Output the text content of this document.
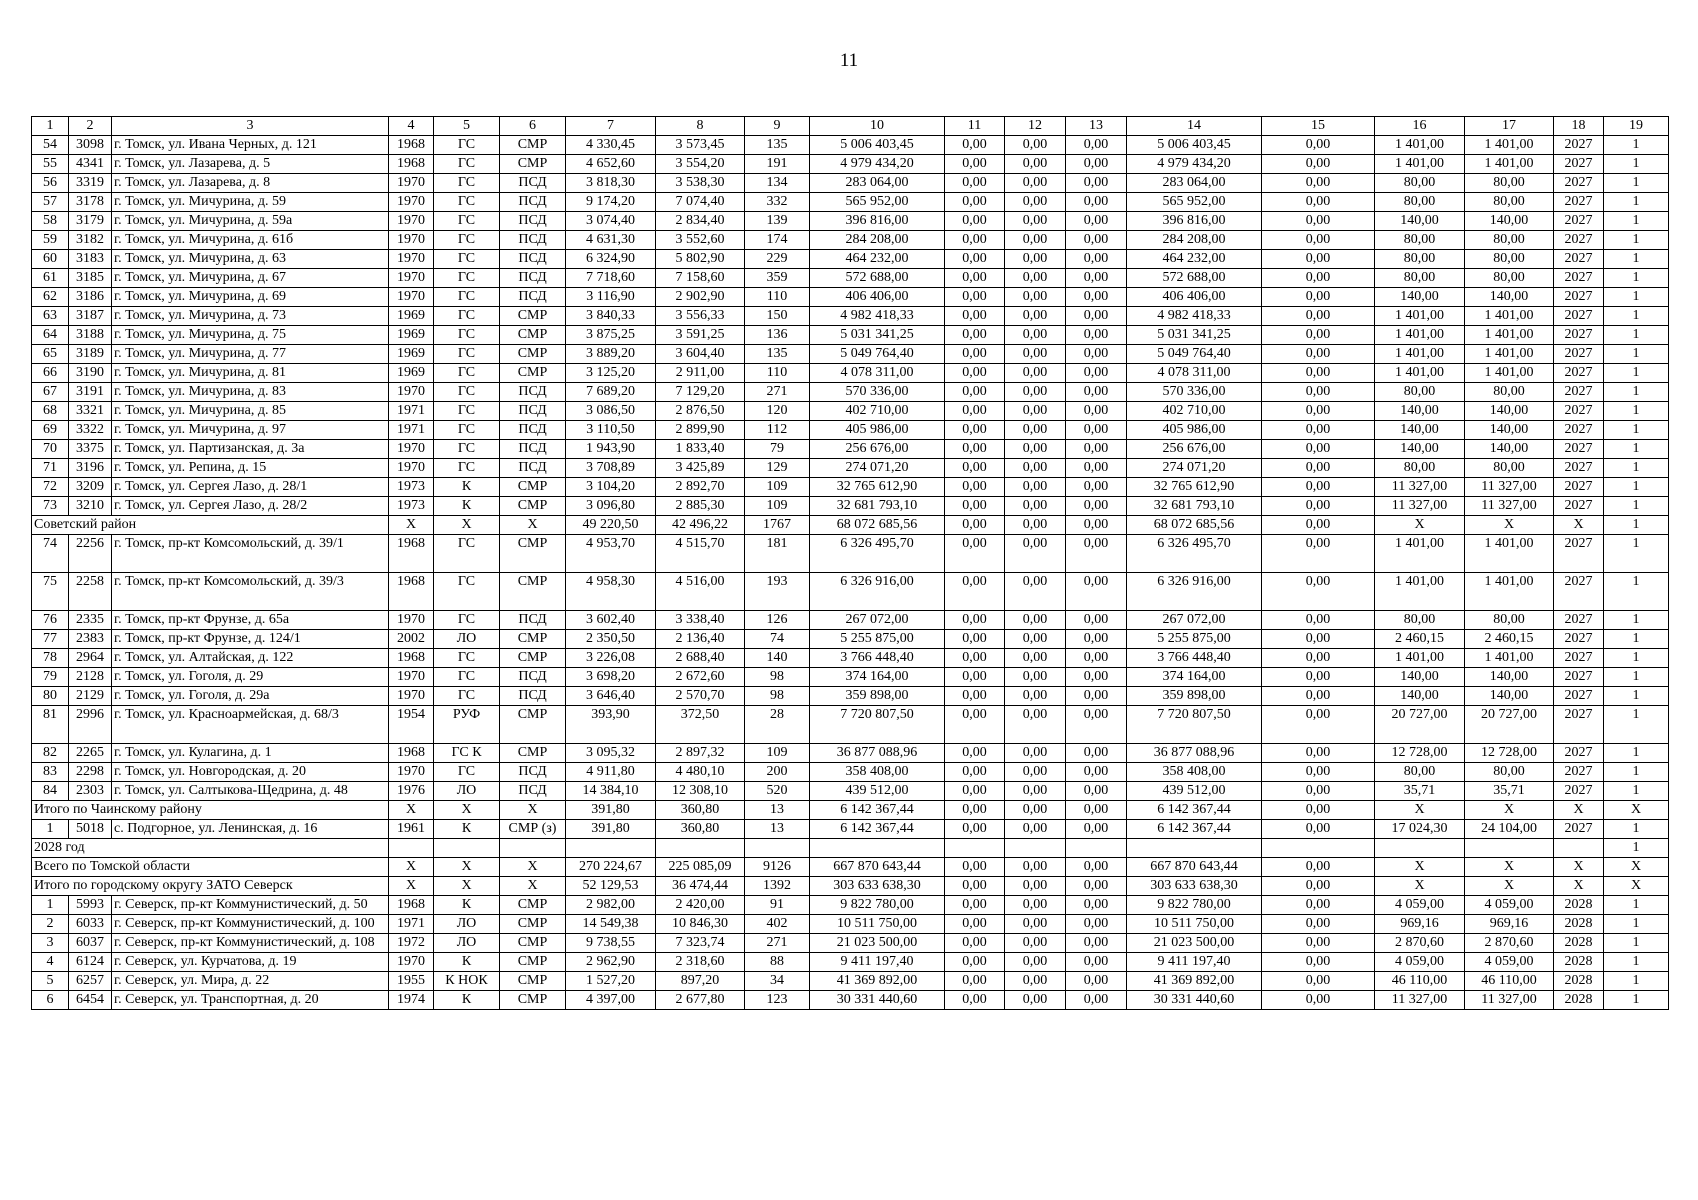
11
1	2	3	4	5	6	7	8	9	10	11	12	13	14	15	16	17	18	19
54	3098	г. Томск, ул. Ивана Черных, д. 121	1968	ГС	СМР	4 330,45	3 573,45	135	5 006 403,45	0,00	0,00	0,00	5 006 403,45	0,00	1 401,00	1 401,00	2027	1
55	4341	г. Томск, ул. Лазарева, д. 5	1968	ГС	СМР	4 652,60	3 554,20	191	4 979 434,20	0,00	0,00	0,00	4 979 434,20	0,00	1 401,00	1 401,00	2027	1
56	3319	г. Томск, ул. Лазарева, д. 8	1970	ГС	ПСД	3 818,30	3 538,30	134	283 064,00	0,00	0,00	0,00	283 064,00	0,00	80,00	80,00	2027	1
57	3178	г. Томск, ул. Мичурина, д. 59	1970	ГС	ПСД	9 174,20	7 074,40	332	565 952,00	0,00	0,00	0,00	565 952,00	0,00	80,00	80,00	2027	1
58	3179	г. Томск, ул. Мичурина, д. 59а	1970	ГС	ПСД	3 074,40	2 834,40	139	396 816,00	0,00	0,00	0,00	396 816,00	0,00	140,00	140,00	2027	1
59	3182	г. Томск, ул. Мичурина, д. 61б	1970	ГС	ПСД	4 631,30	3 552,60	174	284 208,00	0,00	0,00	0,00	284 208,00	0,00	80,00	80,00	2027	1
60	3183	г. Томск, ул. Мичурина, д. 63	1970	ГС	ПСД	6 324,90	5 802,90	229	464 232,00	0,00	0,00	0,00	464 232,00	0,00	80,00	80,00	2027	1
61	3185	г. Томск, ул. Мичурина, д. 67	1970	ГС	ПСД	7 718,60	7 158,60	359	572 688,00	0,00	0,00	0,00	572 688,00	0,00	80,00	80,00	2027	1
62	3186	г. Томск, ул. Мичурина, д. 69	1970	ГС	ПСД	3 116,90	2 902,90	110	406 406,00	0,00	0,00	0,00	406 406,00	0,00	140,00	140,00	2027	1
63	3187	г. Томск, ул. Мичурина, д. 73	1969	ГС	СМР	3 840,33	3 556,33	150	4 982 418,33	0,00	0,00	0,00	4 982 418,33	0,00	1 401,00	1 401,00	2027	1
64	3188	г. Томск, ул. Мичурина, д. 75	1969	ГС	СМР	3 875,25	3 591,25	136	5 031 341,25	0,00	0,00	0,00	5 031 341,25	0,00	1 401,00	1 401,00	2027	1
65	3189	г. Томск, ул. Мичурина, д. 77	1969	ГС	СМР	3 889,20	3 604,40	135	5 049 764,40	0,00	0,00	0,00	5 049 764,40	0,00	1 401,00	1 401,00	2027	1
66	3190	г. Томск, ул. Мичурина, д. 81	1969	ГС	СМР	3 125,20	2 911,00	110	4 078 311,00	0,00	0,00	0,00	4 078 311,00	0,00	1 401,00	1 401,00	2027	1
67	3191	г. Томск, ул. Мичурина, д. 83	1970	ГС	ПСД	7 689,20	7 129,20	271	570 336,00	0,00	0,00	0,00	570 336,00	0,00	80,00	80,00	2027	1
68	3321	г. Томск, ул. Мичурина, д. 85	1971	ГС	ПСД	3 086,50	2 876,50	120	402 710,00	0,00	0,00	0,00	402 710,00	0,00	140,00	140,00	2027	1
69	3322	г. Томск, ул. Мичурина, д. 97	1971	ГС	ПСД	3 110,50	2 899,90	112	405 986,00	0,00	0,00	0,00	405 986,00	0,00	140,00	140,00	2027	1
70	3375	г. Томск, ул. Партизанская, д. 3а	1970	ГС	ПСД	1 943,90	1 833,40	79	256 676,00	0,00	0,00	0,00	256 676,00	0,00	140,00	140,00	2027	1
71	3196	г. Томск, ул. Репина, д. 15	1970	ГС	ПСД	3 708,89	3 425,89	129	274 071,20	0,00	0,00	0,00	274 071,20	0,00	80,00	80,00	2027	1
72	3209	г. Томск, ул. Сергея Лазо, д. 28/1	1973	К	СМР	3 104,20	2 892,70	109	32 765 612,90	0,00	0,00	0,00	32 765 612,90	0,00	11 327,00	11 327,00	2027	1
73	3210	г. Томск, ул. Сергея Лазо, д. 28/2	1973	К	СМР	3 096,80	2 885,30	109	32 681 793,10	0,00	0,00	0,00	32 681 793,10	0,00	11 327,00	11 327,00	2027	1
Советский район			Х	Х	Х	49 220,50	42 496,22	1767	68 072 685,56	0,00	0,00	0,00	68 072 685,56	0,00	Х	Х	Х	1
74	2256	г. Томск, пр-кт Комсомольский, д. 39/1	1968	ГС	СМР	4 953,70	4 515,70	181	6 326 495,70	0,00	0,00	0,00	6 326 495,70	0,00	1 401,00	1 401,00	2027	1
75	2258	г. Томск, пр-кт Комсомольский, д. 39/3	1968	ГС	СМР	4 958,30	4 516,00	193	6 326 916,00	0,00	0,00	0,00	6 326 916,00	0,00	1 401,00	1 401,00	2027	1
76	2335	г. Томск, пр-кт Фрунзе, д. 65а	1970	ГС	ПСД	3 602,40	3 338,40	126	267 072,00	0,00	0,00	0,00	267 072,00	0,00	80,00	80,00	2027	1
77	2383	г. Томск, пр-кт Фрунзе, д. 124/1	2002	ЛО	СМР	2 350,50	2 136,40	74	5 255 875,00	0,00	0,00	0,00	5 255 875,00	0,00	2 460,15	2 460,15	2027	1
78	2964	г. Томск, ул. Алтайская, д. 122	1968	ГС	СМР	3 226,08	2 688,40	140	3 766 448,40	0,00	0,00	0,00	3 766 448,40	0,00	1 401,00	1 401,00	2027	1
79	2128	г. Томск, ул. Гоголя, д. 29	1970	ГС	ПСД	3 698,20	2 672,60	98	374 164,00	0,00	0,00	0,00	374 164,00	0,00	140,00	140,00	2027	1
80	2129	г. Томск, ул. Гоголя, д. 29а	1970	ГС	ПСД	3 646,40	2 570,70	98	359 898,00	0,00	0,00	0,00	359 898,00	0,00	140,00	140,00	2027	1
81	2996	г. Томск, ул. Красноармейская, д. 68/3	1954	РУФ	СМР	393,90	372,50	28	7 720 807,50	0,00	0,00	0,00	7 720 807,50	0,00	20 727,00	20 727,00	2027	1
82	2265	г. Томск, ул. Кулагина, д. 1	1968	ГС К	СМР	3 095,32	2 897,32	109	36 877 088,96	0,00	0,00	0,00	36 877 088,96	0,00	12 728,00	12 728,00	2027	1
83	2298	г. Томск, ул. Новгородская, д. 20	1970	ГС	ПСД	4 911,80	4 480,10	200	358 408,00	0,00	0,00	0,00	358 408,00	0,00	80,00	80,00	2027	1
84	2303	г. Томск, ул. Салтыкова-Щедрина, д. 48	1976	ЛО	ПСД	14 384,10	12 308,10	520	439 512,00	0,00	0,00	0,00	439 512,00	0,00	35,71	35,71	2027	1
Итого по Чаинскому району			Х	Х	Х	391,80	360,80	13	6 142 367,44	0,00	0,00	0,00	6 142 367,44	0,00	Х	Х	Х	Х
1	5018	с. Подгорное, ул. Ленинская, д. 16	1961	К	СМР (з)	391,80	360,80	13	6 142 367,44	0,00	0,00	0,00	6 142 367,44	0,00	17 024,30	24 104,00	2027	1
2028 год																		1
Всего по Томской области			Х	Х	Х	270 224,67	225 085,09	9126	667 870 643,44	0,00	0,00	0,00	667 870 643,44	0,00	Х	Х	Х	Х
Итого по городскому округу ЗАТО Северск			Х	Х	Х	52 129,53	36 474,44	1392	303 633 638,30	0,00	0,00	0,00	303 633 638,30	0,00	Х	Х	Х	Х
1	5993	г. Северск, пр-кт Коммунистический, д. 50	1968	К	СМР	2 982,00	2 420,00	91	9 822 780,00	0,00	0,00	0,00	9 822 780,00	0,00	4 059,00	4 059,00	2028	1
2	6033	г. Северск, пр-кт Коммунистический, д. 100	1971	ЛО	СМР	14 549,38	10 846,30	402	10 511 750,00	0,00	0,00	0,00	10 511 750,00	0,00	969,16	969,16	2028	1
3	6037	г. Северск, пр-кт Коммунистический, д. 108	1972	ЛО	СМР	9 738,55	7 323,74	271	21 023 500,00	0,00	0,00	0,00	21 023 500,00	0,00	2 870,60	2 870,60	2028	1
4	6124	г. Северск, ул. Курчатова, д. 19	1970	К	СМР	2 962,90	2 318,60	88	9 411 197,40	0,00	0,00	0,00	9 411 197,40	0,00	4 059,00	4 059,00	2028	1
5	6257	г. Северск, ул. Мира, д. 22	1955	К НОК	СМР	1 527,20	897,20	34	41 369 892,00	0,00	0,00	0,00	41 369 892,00	0,00	46 110,00	46 110,00	2028	1
6	6454	г. Северск, ул. Транспортная, д. 20	1974	К	СМР	4 397,00	2 677,80	123	30 331 440,60	0,00	0,00	0,00	30 331 440,60	0,00	11 327,00	11 327,00	2028	1
